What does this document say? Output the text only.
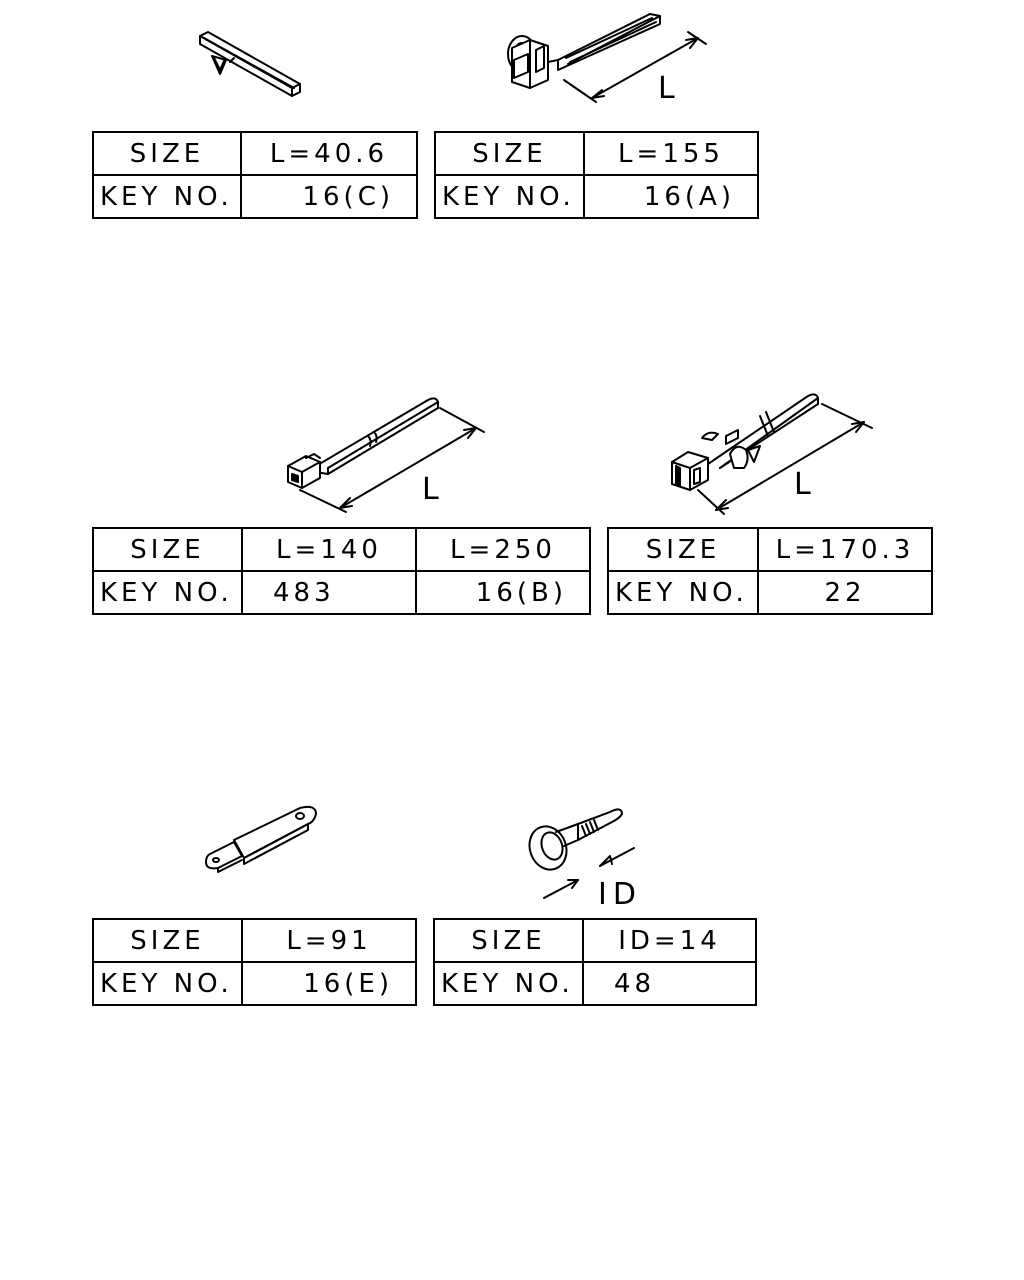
L
SIZE	L=40.6
KEY NO.	16(C)
SIZE	L=155
KEY NO.	16(A)
L	L
SIZE	L=140	L=250
KEY NO.	483	16(B)
SIZE	L=170.3
KEY NO.	22
ID
SIZE	L=91
KEY NO.	16(E)
SIZE	ID=14
KEY NO.	48
